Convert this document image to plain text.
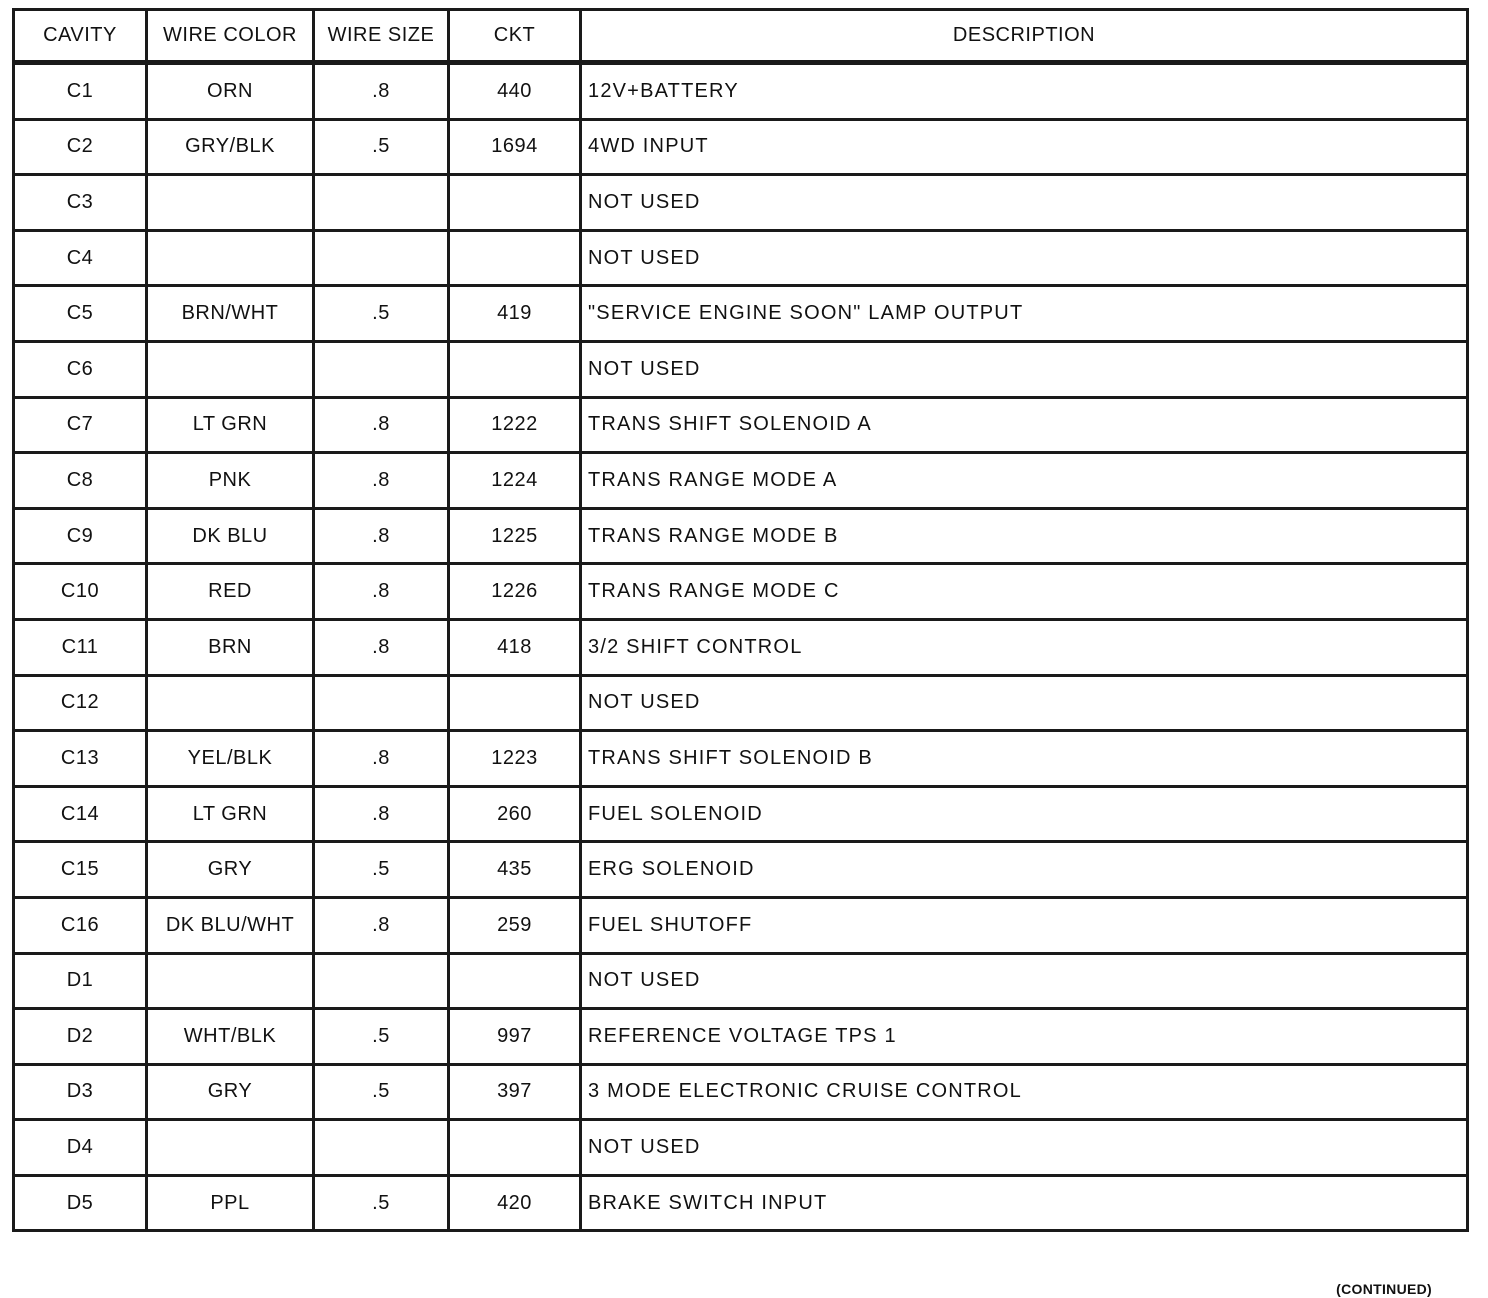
CAVITY	WIRE COLOR	WIRE SIZE	CKT	DESCRIPTION
C1	ORN	.8	440	12V+BATTERY
C2	GRY/BLK	.5	1694	4WD INPUT
C3				NOT USED
C4				NOT USED
C5	BRN/WHT	.5	419	"SERVICE ENGINE SOON" LAMP OUTPUT
C6				NOT USED
C7	LT GRN	.8	1222	TRANS SHIFT SOLENOID A
C8	PNK	.8	1224	TRANS RANGE MODE A
C9	DK BLU	.8	1225	TRANS RANGE MODE B
C10	RED	.8	1226	TRANS RANGE MODE C
C11	BRN	.8	418	3/2 SHIFT CONTROL
C12				NOT USED
C13	YEL/BLK	.8	1223	TRANS SHIFT SOLENOID B
C14	LT GRN	.8	260	FUEL SOLENOID
C15	GRY	.5	435	ERG SOLENOID
C16	DK BLU/WHT	.8	259	FUEL SHUTOFF
D1				NOT USED
D2	WHT/BLK	.5	997	REFERENCE VOLTAGE TPS 1
D3	GRY	.5	397	3 MODE ELECTRONIC CRUISE CONTROL
D4				NOT USED
D5	PPL	.5	420	BRAKE SWITCH INPUT
(CONTINUED)
